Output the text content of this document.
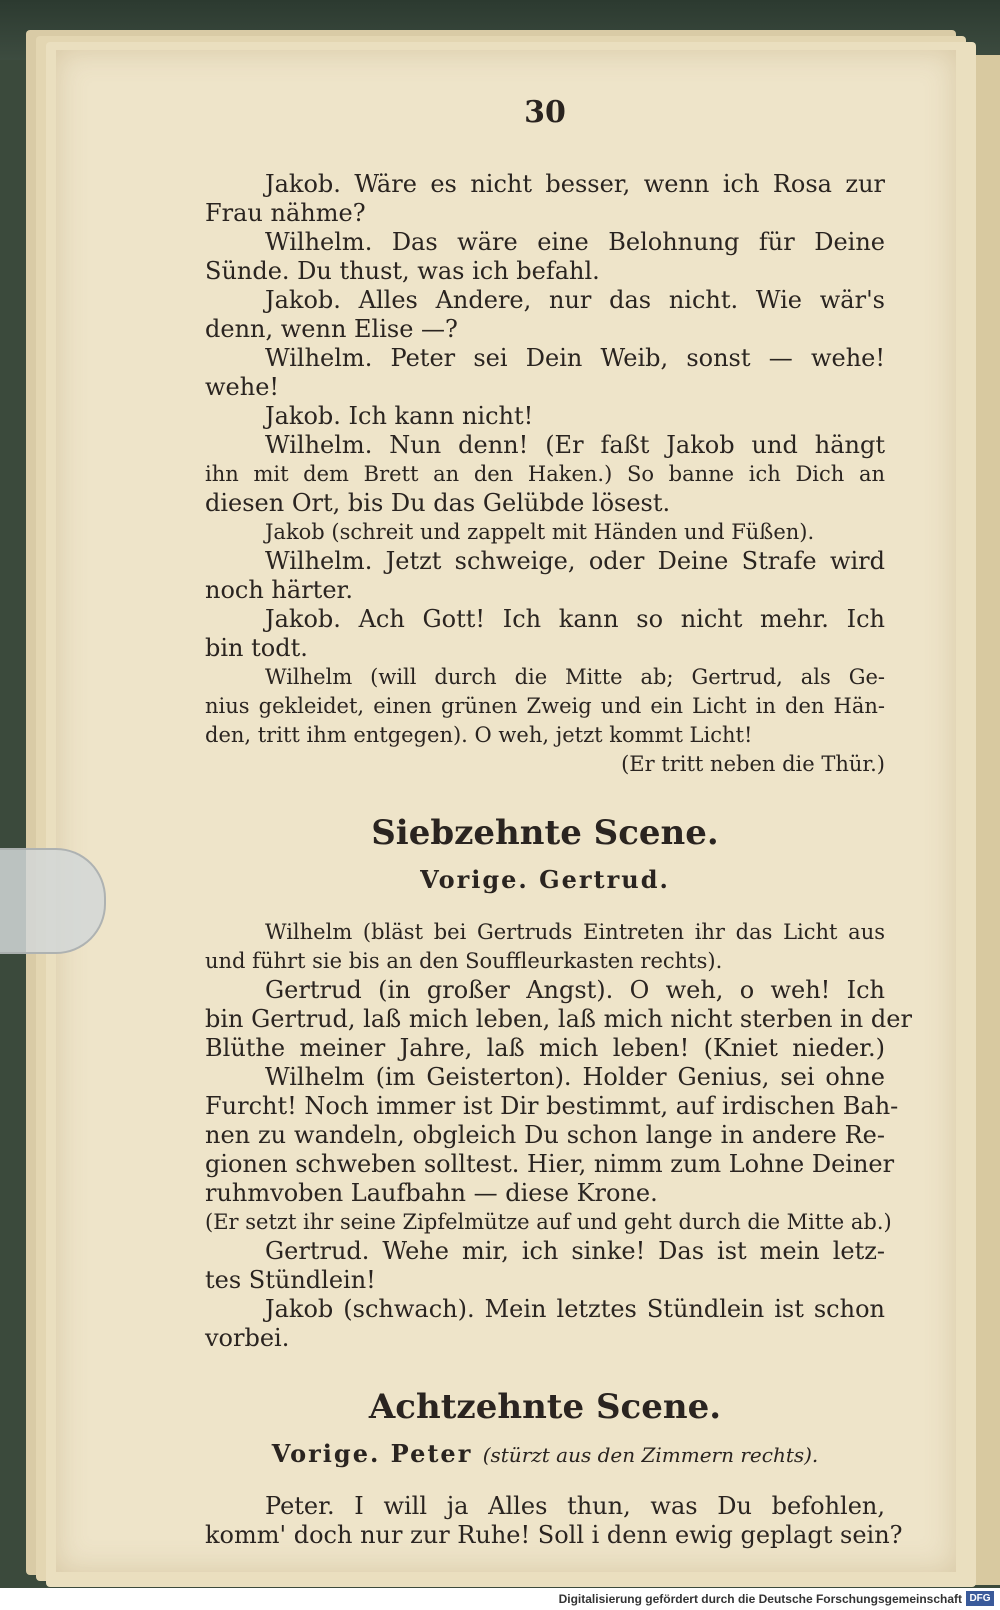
30

Jakob. Wäre es nicht besser, wenn ich Rosa zur

Frau nähme?

Wilhelm. Das wäre eine Belohnung für Deine

Sünde. Du thust, was ich befahl.

Jakob. Alles Andere, nur das nicht. Wie wär's

denn, wenn Elise —?

Wilhelm. Peter sei Dein Weib, sonst — wehe!

wehe!

Jakob. Ich kann nicht!

Wilhelm. Nun denn! (Er faßt Jakob und hängt

ihn mit dem Brett an den Haken.) So banne ich Dich an

diesen Ort, bis Du das Gelübde lösest.

Jakob (schreit und zappelt mit Händen und Füßen).

Wilhelm. Jetzt schweige, oder Deine Strafe wird

noch härter.

Jakob. Ach Gott! Ich kann so nicht mehr. Ich

bin todt.

Wilhelm (will durch die Mitte ab; Gertrud, als Ge-

nius gekleidet, einen grünen Zweig und ein Licht in den Hän-

den, tritt ihm entgegen). O weh, jetzt kommt Licht!

(Er tritt neben die Thür.)

Siebzehnte Scene.
Vorige. Gertrud.

Wilhelm (bläst bei Gertruds Eintreten ihr das Licht aus

und führt sie bis an den Souffleurkasten rechts).

Gertrud (in großer Angst). O weh, o weh! Ich

bin Gertrud, laß mich leben, laß mich nicht sterben in der

Blüthe meiner Jahre, laß mich leben! (Kniet nieder.)

Wilhelm (im Geisterton). Holder Genius, sei ohne

Furcht! Noch immer ist Dir bestimmt, auf irdischen Bah-

nen zu wandeln, obgleich Du schon lange in andere Re-

gionen schweben solltest. Hier, nimm zum Lohne Deiner

ruhmvoben Laufbahn — diese Krone.

(Er setzt ihr seine Zipfelmütze auf und geht durch die Mitte ab.)

Gertrud. Wehe mir, ich sinke! Das ist mein letz-

tes Stündlein!

Jakob (schwach). Mein letztes Stündlein ist schon

vorbei.

Achtzehnte Scene.
Vorige. Peter (stürzt aus den Zimmern rechts).

Peter. I will ja Alles thun, was Du befohlen,

komm' doch nur zur Ruhe! Soll i denn ewig geplagt sein?

Digitalisierung gefördert durch die Deutsche Forschungsgemeinschaft DFG
